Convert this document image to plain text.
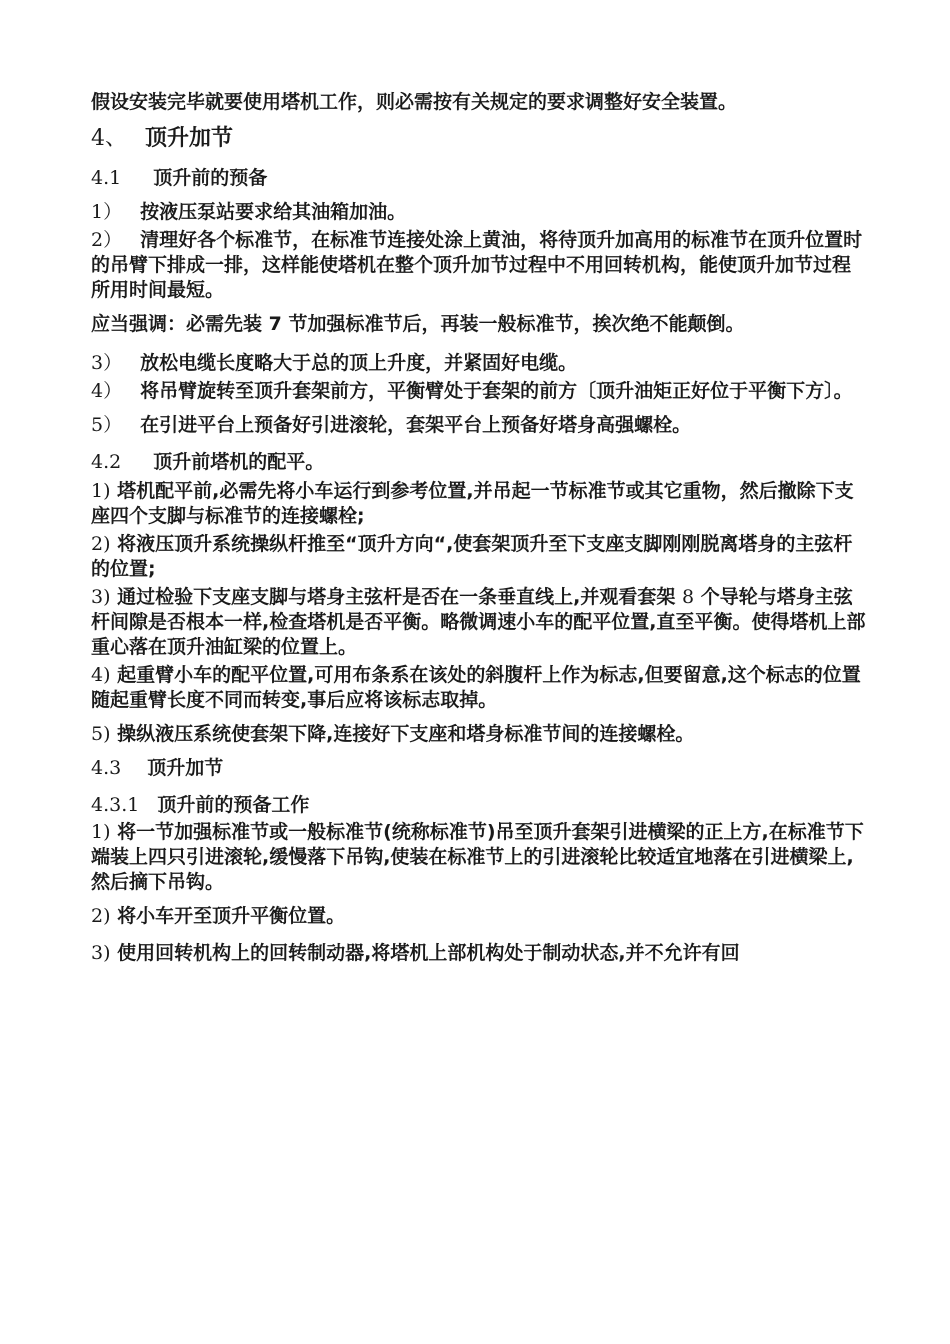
假设安装完毕就要使用塔机工作，则必需按有关规定的要求调整好安全装置。

4、 顶升加节
4.1 顶升前的预备

1） 按液压泵站要求给其油箱加油。

2） 清理好各个标准节，在标准节连接处涂上黄油，将待顶升加高用的标准节在顶升位置时的吊臂下排成一排，这样能使塔机在整个顶升加节过程中不用回转机构，能使顶升加节过程所用时间最短。

应当强调：必需先装 7 节加强标准节后，再装一般标准节，挨次绝不能颠倒。

3） 放松电缆长度略大于总的顶上升度，并紧固好电缆。

4） 将吊臂旋转至顶升套架前方，平衡臂处于套架的前方〔顶升油矩正好位于平衡下方〕。

5） 在引进平台上预备好引进滚轮，套架平台上预备好塔身高强螺栓。

4.2 顶升前塔机的配平。

1) 塔机配平前,必需先将小车运行到参考位置,并吊起一节标准节或其它重物，然后撤除下支座四个支脚与标准节的连接螺栓;

2) 将液压顶升系统操纵杆推至“顶升方向“,使套架顶升至下支座支脚刚刚脱离塔身的主弦杆的位置;

3) 通过检验下支座支脚与塔身主弦杆是否在一条垂直线上,并观看套架 8 个导轮与塔身主弦杆间隙是否根本一样,检查塔机是否平衡。略微调速小车的配平位置,直至平衡。使得塔机上部重心落在顶升油缸梁的位置上。

4) 起重臂小车的配平位置,可用布条系在该处的斜腹杆上作为标志,但要留意,这个标志的位置随起重臂长度不同而转变,事后应将该标志取掉。

5) 操纵液压系统使套架下降,连接好下支座和塔身标准节间的连接螺栓。

4.3 顶升加节
4.3.1 顶升前的预备工作

1) 将一节加强标准节或一般标准节(统称标准节)吊至顶升套架引进横梁的正上方,在标准节下端装上四只引进滚轮,缓慢落下吊钩,使装在标准节上的引进滚轮比较适宜地落在引进横梁上,然后摘下吊钩。

2) 将小车开至顶升平衡位置。

3) 使用回转机构上的回转制动器,将塔机上部机构处于制动状态,并不允许有回
